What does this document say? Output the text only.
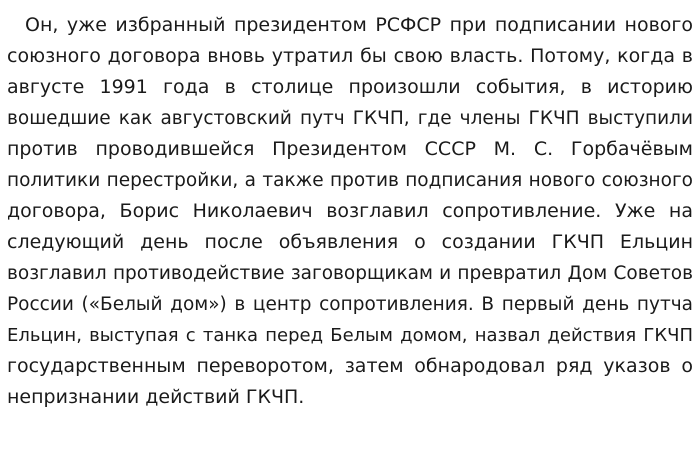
Он, уже избранный президентом РСФСР при подписании нового
союзного договора вновь утратил бы свою власть. Потому, когда в
августе 1991 года в столице произошли события, в историю
вошедшие как августовский путч ГКЧП, где члены ГКЧП выступили
против проводившейся Президентом СССР М. С. Горбачёвым
политики перестройки, а также против подписания нового союзного
договора, Борис Николаевич возглавил сопротивление. Уже на
следующий день после объявления о создании ГКЧП Ельцин
возглавил противодействие заговорщикам и превратил Дом Советов
России («Белый дом») в центр сопротивления. В первый день путча
Ельцин, выступая с танка перед Белым домом, назвал действия ГКЧП
государственным переворотом, затем обнародовал ряд указов о
непризнании действий ГКЧП.
